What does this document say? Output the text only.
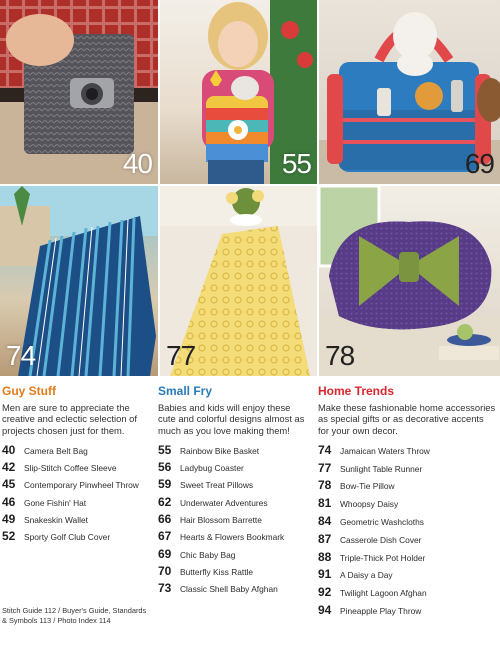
40	55	69
74	77	78
Guy Stuff
Men are sure to appreciate the creative and eclectic selection of projects chosen just for them.
40	Camera Belt Bag
42	Slip-Stitch Coffee Sleeve
45	Contemporary Pinwheel Throw
46	Gone Fishin' Hat
49	Snakeskin Wallet
52	Sporty Golf Club Cover
Small Fry
Babies and kids will enjoy these cute and colorful designs almost as much as you love making them!
55	Rainbow Bike Basket
56	Ladybug Coaster
59	Sweet Treat Pillows
62	Underwater Adventures
66	Hair Blossom Barrette
67	Hearts & Flowers Bookmark
69	Chic Baby Bag
70	Butterfly Kiss Rattle
73	Classic Shell Baby Afghan
Home Trends
Make these fashionable home accessories as special gifts or as decorative accents for your own decor.
74	Jamaican Waters Throw
77	Sunlight Table Runner
78	Bow-Tie Pillow
81	Whoopsy Daisy
84	Geometric Washcloths
87	Casserole Dish Cover
88	Triple-Thick Pot Holder
91	A Daisy a Day
92	Twilight Lagoon Afghan
94	Pineapple Play Throw
Stitch Guide 112 / Buyer's Guide, Standards
& Symbols 113 / Photo Index 114
